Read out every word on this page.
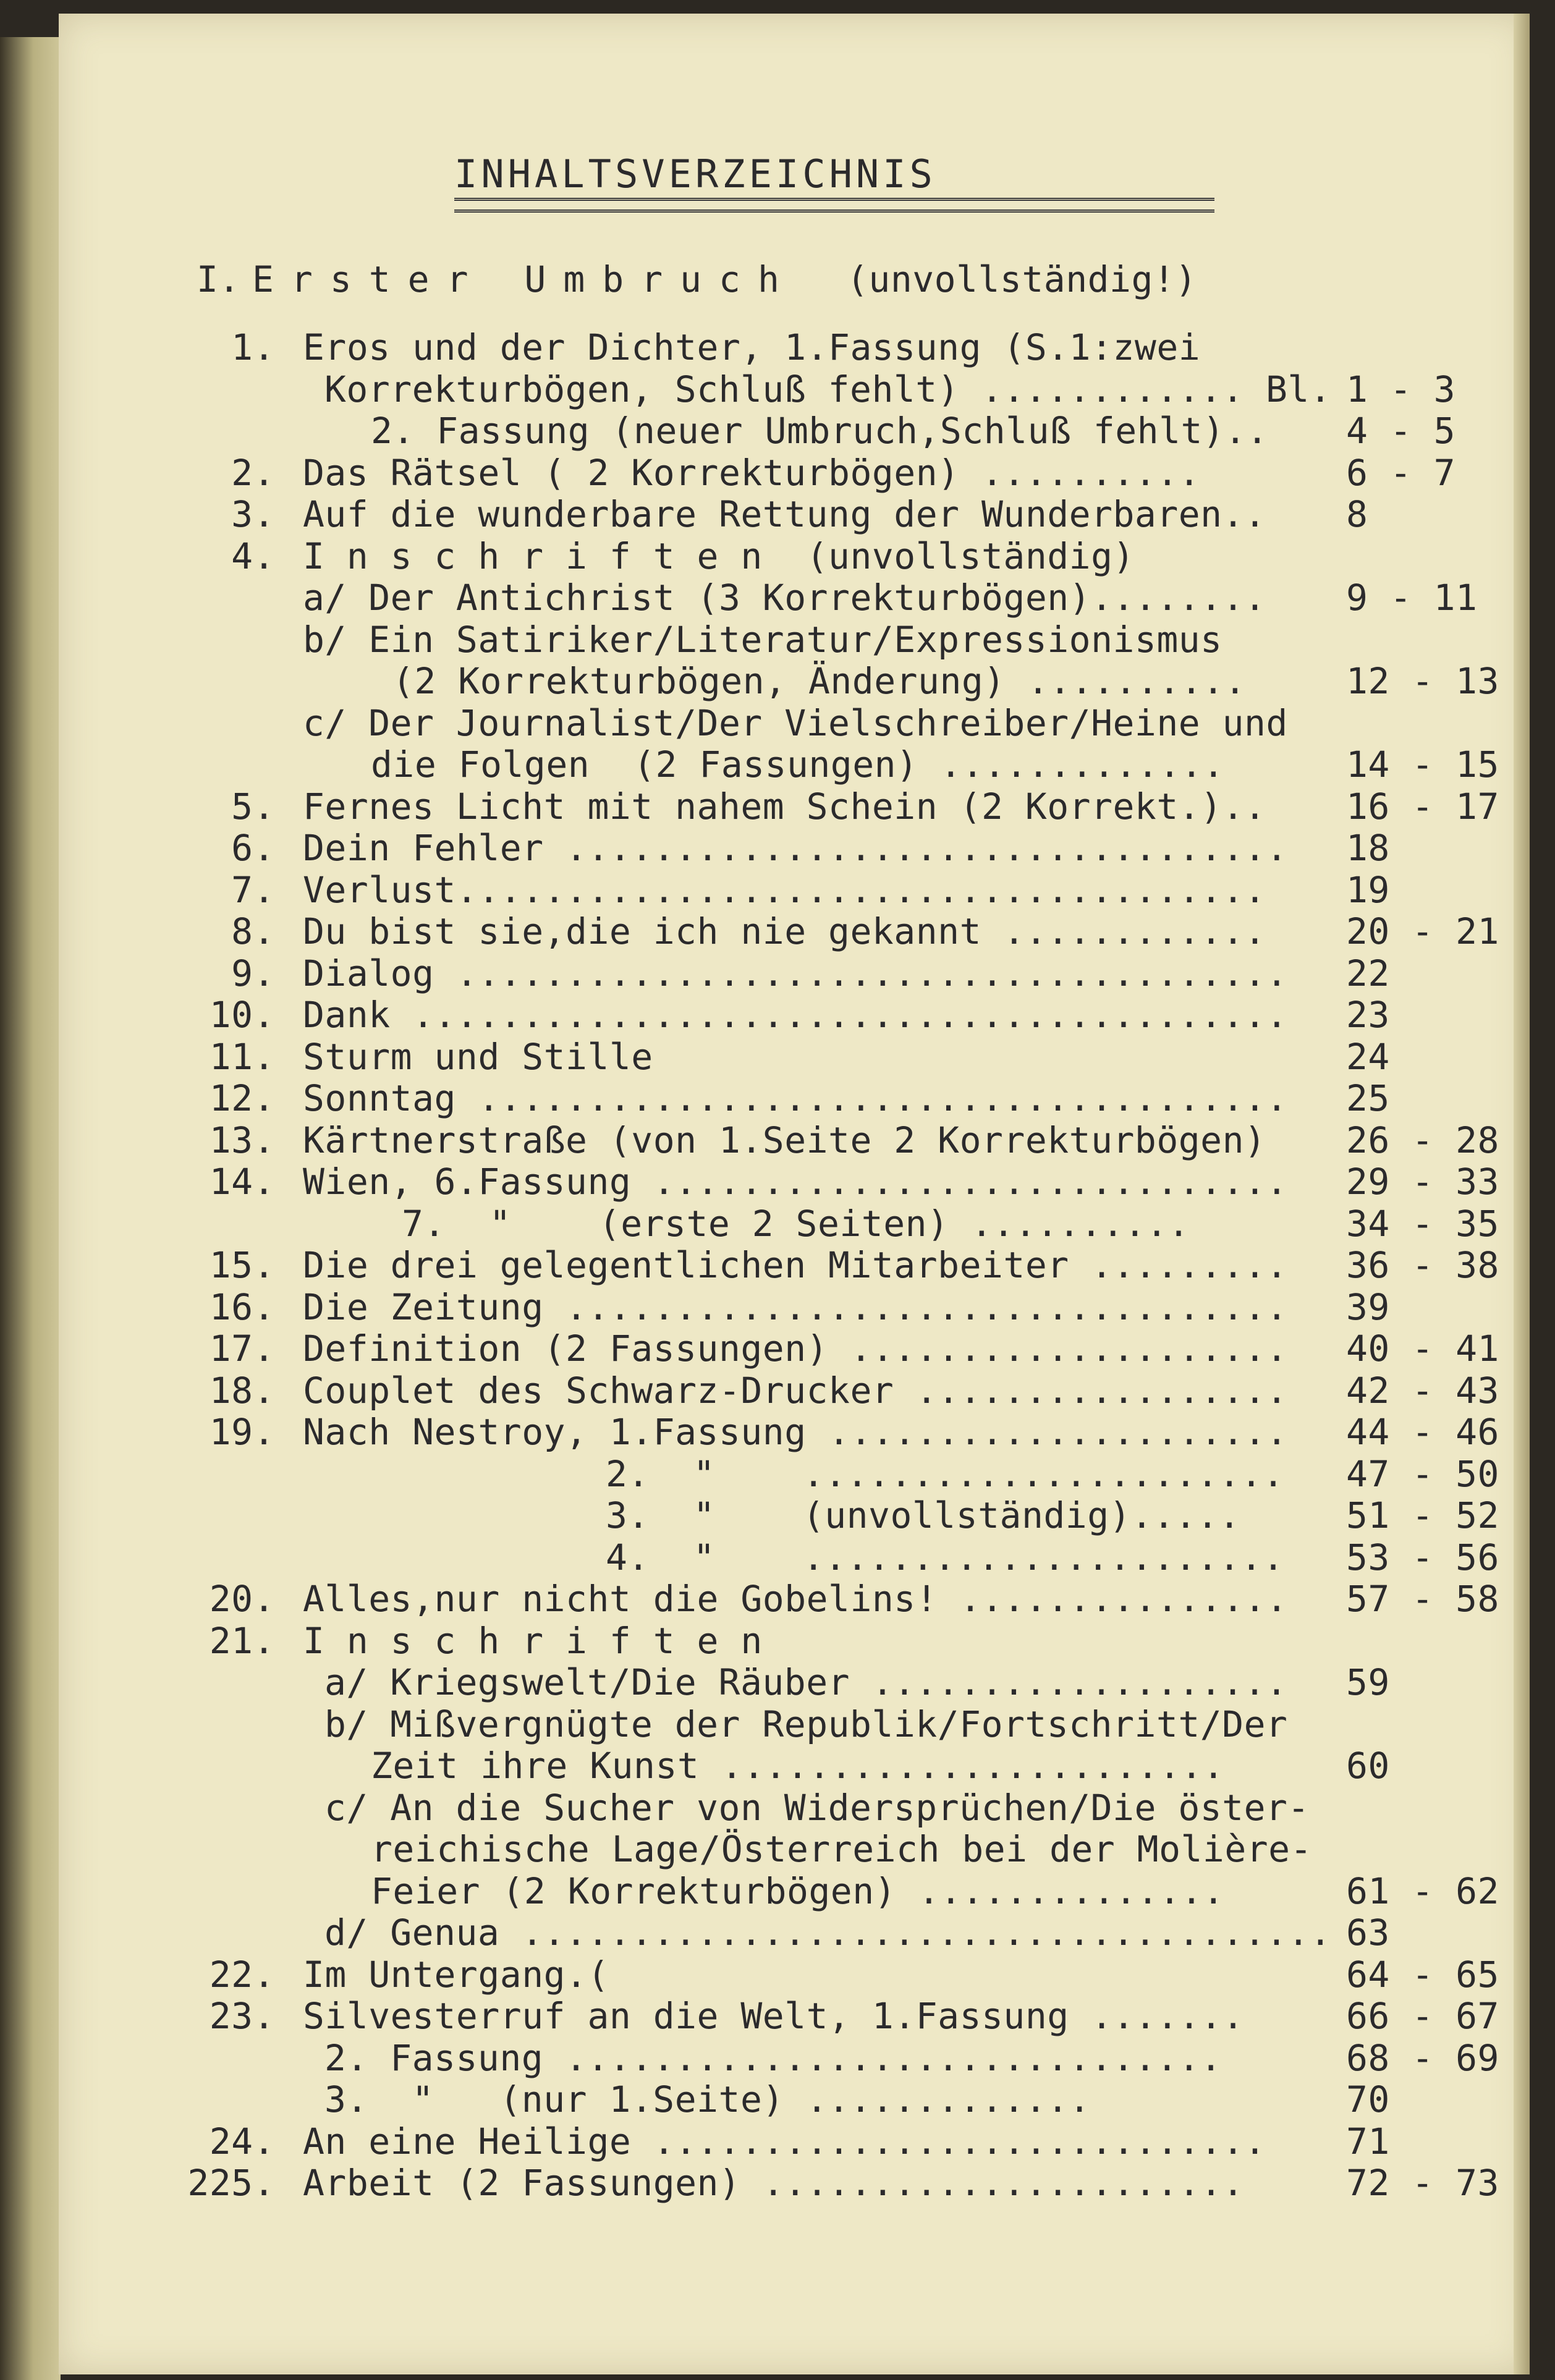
INHALTSVERZEICHNIS
I. Erster Umbruch (unvollständig!)
1. Eros und der Dichter, 1.Fassung (S.1:zwei
Korrekturbögen, Schluß fehlt) ............ Bl. 1 - 3
2. Fassung (neuer Umbruch,Schluß fehlt).. 4 - 5
2. Das Rätsel ( 2 Korrekturbögen) ..........	6 - 7
3. Auf die wunderbare Rettung der Wunderbaren.. 8
4. I n s c h r i f t e n  (unvollständig)
a/ Der Antichrist (3 Korrekturbögen)........ 9 - 11
b/ Ein Satiriker/Literatur/Expressionismus
(2 Korrekturbögen, Änderung) ..........	12 - 13
c/ Der Journalist/Der Vielschreiber/Heine und
die Folgen  (2 Fassungen) .............	14 - 15
5. Fernes Licht mit nahem Schein (2 Korrekt.).. 16 - 17
6. Dein Fehler ................................. 18
7. Verlust..................................... 19
8. Du bist sie,die ich nie gekannt ............ 20 - 21
9. Dialog ...................................... 22
10. Dank ........................................ 23
11. Sturm und Stille	24
12. Sonntag ..................................... 25
13. Kärtnerstraße (von 1.Seite 2 Korrekturbögen) 26 - 28
14. Wien, 6.Fassung ............................. 29 - 33
7.  "    (erste 2 Seiten) ..........	34 - 35
15. Die drei gelegentlichen Mitarbeiter ......... 36 - 38
16. Die Zeitung ................................. 39
17. Definition (2 Fassungen) .................... 40 - 41
18. Couplet des Schwarz-Drucker ................. 42 - 43
19. Nach Nestroy, 1.Fassung ..................... 44 - 46
2.  "    ...................... 47 - 50
3.  "    (unvollständig).....	51 - 52
4.  "    ...................... 53 - 56
20. Alles,nur nicht die Gobelins! ............... 57 - 58
21. I n s c h r i f t e n
a/ Kriegswelt/Die Räuber ................... 59
b/ Mißvergnügte der Republik/Fortschritt/Der
Zeit ihre Kunst .......................	60
c/ An die Sucher von Widersprüchen/Die öster-
reichische Lage/Österreich bei der Molière-
Feier (2 Korrekturbögen) ..............	61 - 62
d/ Genua ..................................... 63
22. Im Untergang.(	64 - 65
23. Silvesterruf an die Welt, 1.Fassung .......	66 - 67
2. Fassung ..............................	68 - 69
3.  "   (nur 1.Seite) .............	70
24. An eine Heilige ............................ 71
225. Arbeit (2 Fassungen) ......................	72 - 73
